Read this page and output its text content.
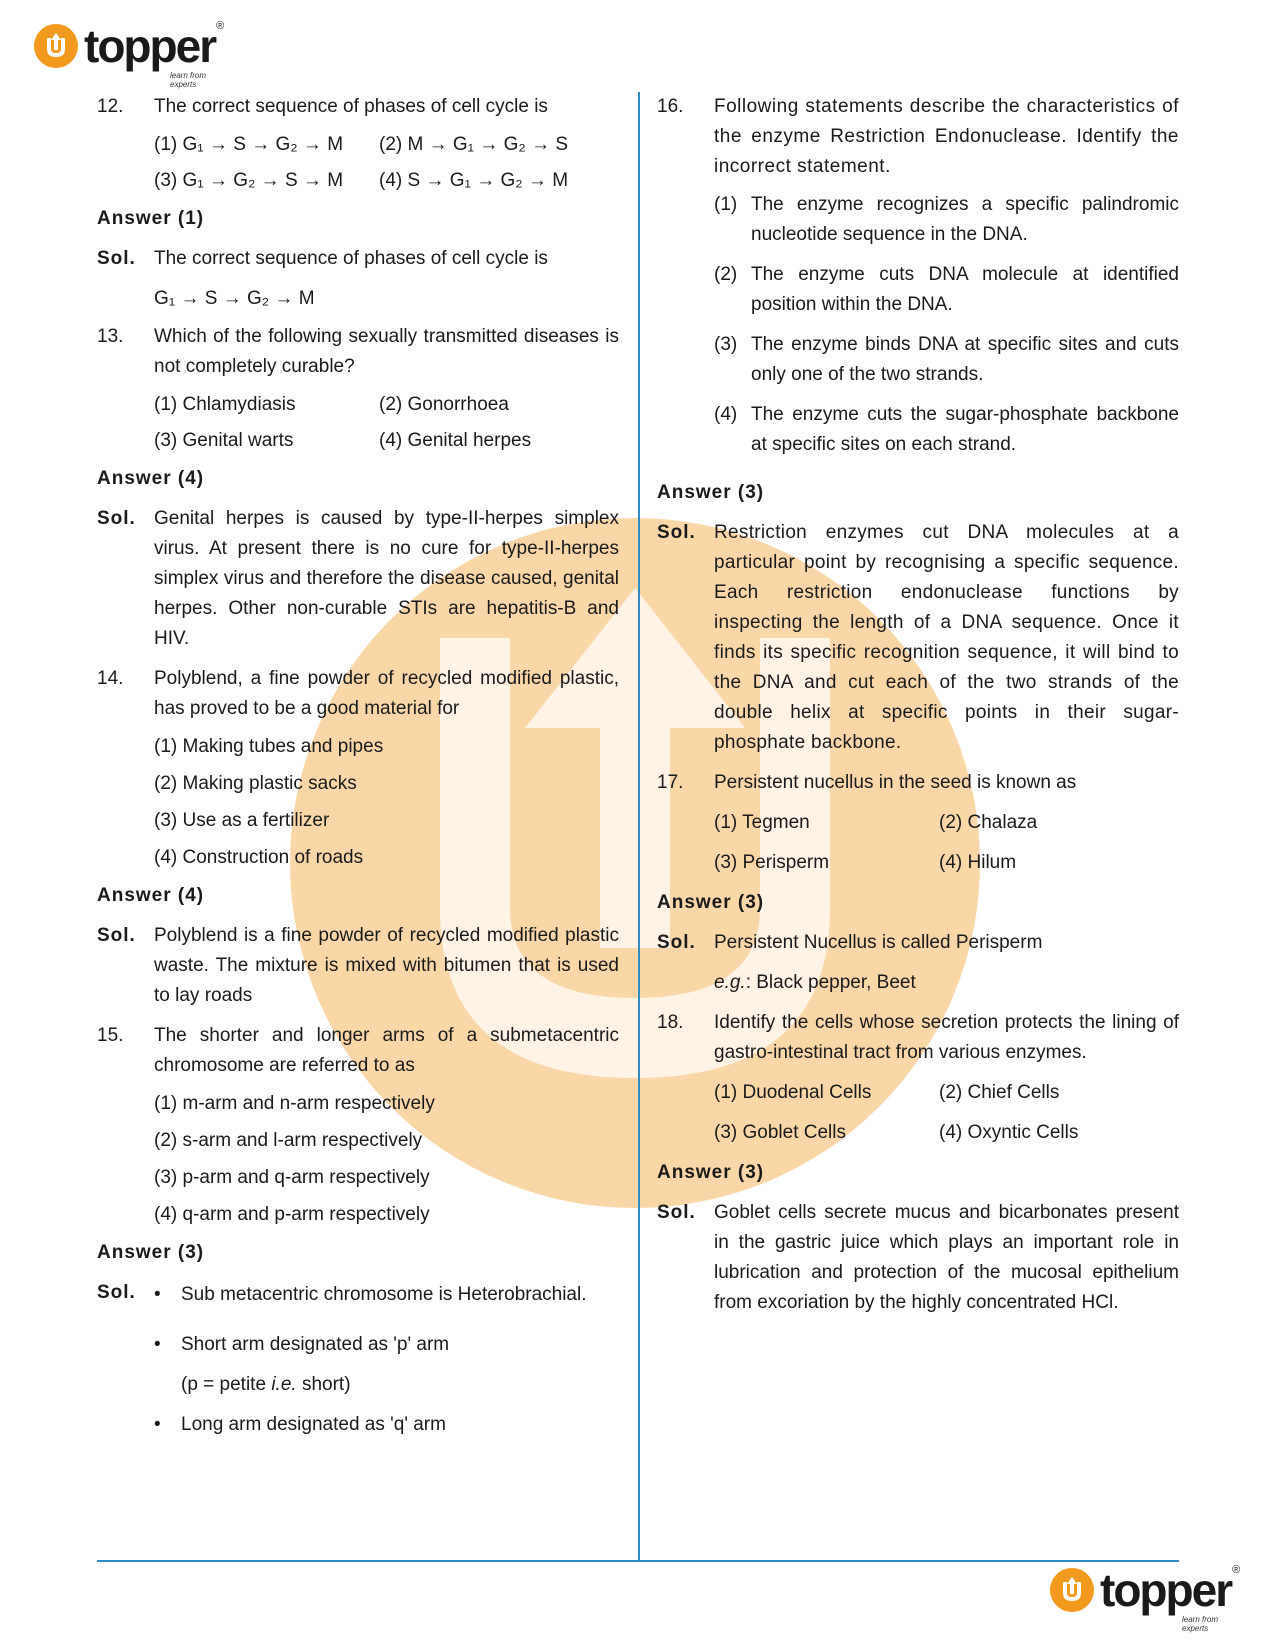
topper ®
learn from experts
12.	The correct sequence of phases of cell cycle is
(1) G₁ → S → G₂ → M	(2) M → G₁ → G₂ → S
(3) G₁ → G₂ → S → M	(4) S → G₁ → G₂ → M
Answer (1)
Sol. The correct sequence of phases of cell cycle is
G₁ → S → G₂ → M
13.	Which of the following sexually transmitted diseases is not completely curable?
(1) Chlamydiasis	(2) Gonorrhoea
(3) Genital warts	(4) Genital herpes
Answer (4)
Sol. Genital herpes is caused by type-II-herpes simplex virus. At present there is no cure for type-II-herpes simplex virus and therefore the disease caused, genital herpes. Other non-curable STIs are hepatitis-B and HIV.
14.	Polyblend, a fine powder of recycled modified plastic, has proved to be a good material for
(1) Making tubes and pipes
(2) Making plastic sacks
(3) Use as a fertilizer
(4) Construction of roads
Answer (4)
Sol. Polyblend is a fine powder of recycled modified plastic waste. The mixture is mixed with bitumen that is used to lay roads
15.	The shorter and longer arms of a submetacentric chromosome are referred to as
(1) m-arm and n-arm respectively
(2) s-arm and l-arm respectively
(3) p-arm and q-arm respectively
(4) q-arm and p-arm respectively
Answer (3)
Sol. •	Sub metacentric chromosome is Heterobrachial.
•	Short arm designated as 'p' arm
(p = petite i.e. short)
•	Long arm designated as 'q' arm
16.	Following statements describe the characteristics of the enzyme Restriction Endonuclease. Identify the incorrect statement.
(1) The enzyme recognizes a specific palindromic nucleotide sequence in the DNA.
(2) The enzyme cuts DNA molecule at identified position within the DNA.
(3) The enzyme binds DNA at specific sites and cuts only one of the two strands.
(4) The enzyme cuts the sugar-phosphate backbone at specific sites on each strand.
Answer (3)
Sol. Restriction enzymes cut DNA molecules at a particular point by recognising a specific sequence. Each restriction endonuclease functions by inspecting the length of a DNA sequence. Once it finds its specific recognition sequence, it will bind to the DNA and cut each of the two strands of the double helix at specific points in their sugar-phosphate backbone.
17.	Persistent nucellus in the seed is known as
(1) Tegmen	(2) Chalaza
(3) Perisperm	(4) Hilum
Answer (3)
Sol. Persistent Nucellus is called Perisperm
e.g.: Black pepper, Beet
18.	Identify the cells whose secretion protects the lining of gastro-intestinal tract from various enzymes.
(1) Duodenal Cells	(2) Chief Cells
(3) Goblet Cells	(4) Oxyntic Cells
Answer (3)
Sol. Goblet cells secrete mucus and bicarbonates present in the gastric juice which plays an important role in lubrication and protection of the mucosal epithelium from excoriation by the highly concentrated HCl.
topper ®
learn from experts
